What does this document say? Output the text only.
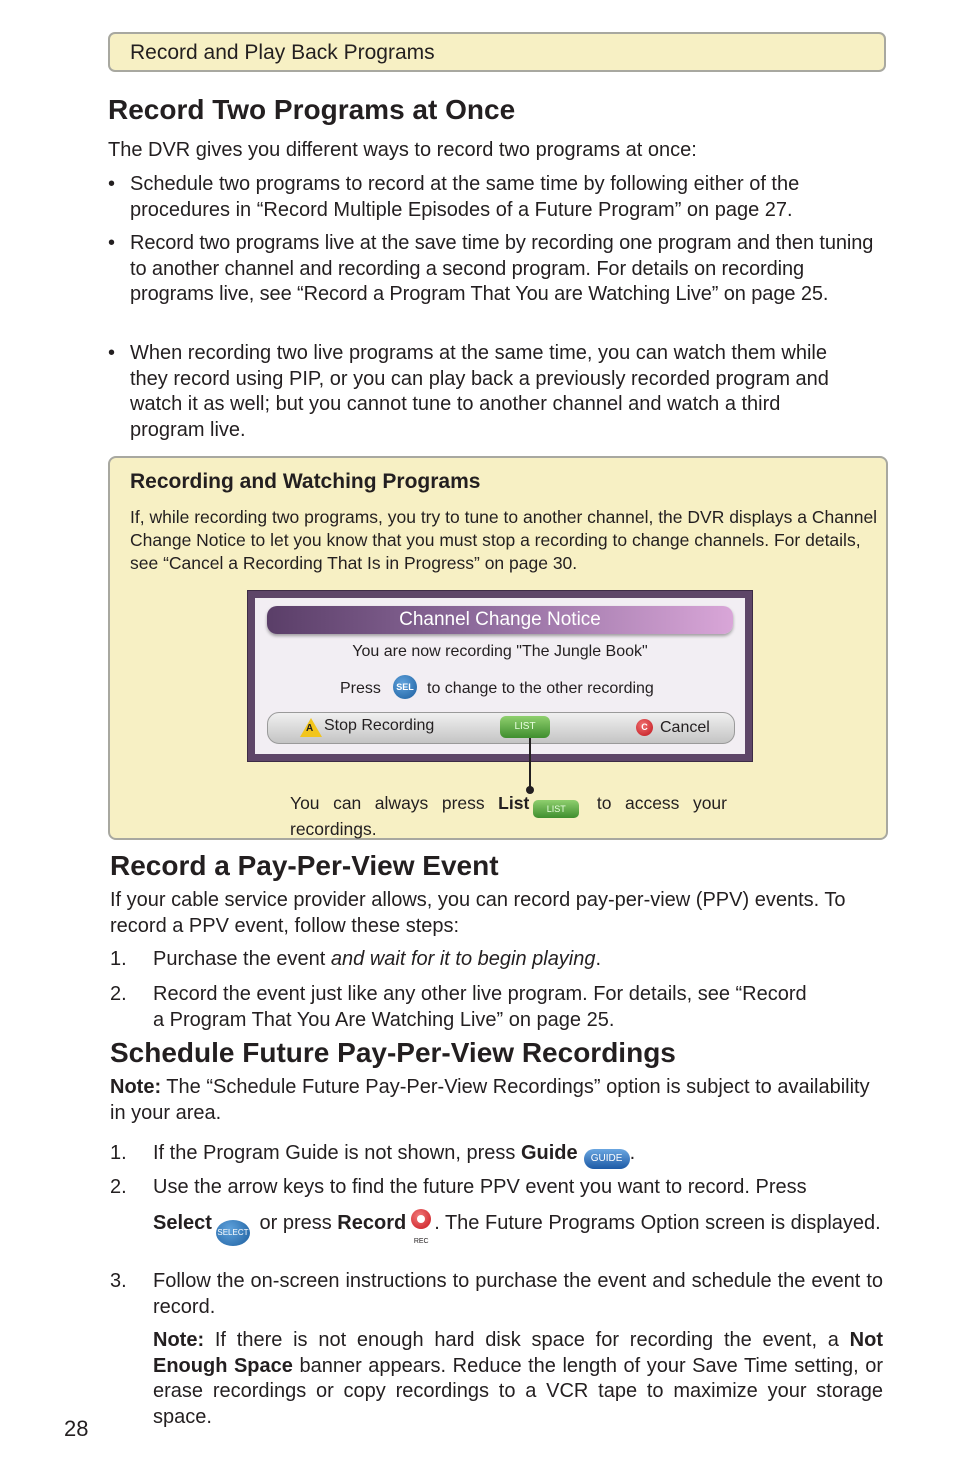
Record and Play Back Programs
Record Two Programs at Once

The DVR gives you different ways to record two programs at once:

• Schedule two programs to record at the same time by following either of the procedures in “Record Multiple Episodes of a Future Program” on page 27.
• Record two programs live at the save time by recording one program and then tuning to another channel and recording a second program. For details on recording programs live, see “Record a Program That You are Watching Live” on page 25.
• When recording two live programs at the same time, you can watch them while they record using PIP, or you can play back a previously recorded program and watch it as well; but you cannot tune to another channel and watch a third program live.
Recording and Watching Programs
If, while recording two programs, you try to tune to another channel, the DVR displays a Channel Change Notice to let you know that you must stop a recording to change channels. For details, see “Cancel a Recording That Is in Progress” on page 30.
Channel Change Notice
You are now recording "The Jungle Book"
Press	SEL to change to the other recording
A Stop Recording	LIST	C Cancel
You can always press List LIST to access your recordings.
Record a Pay-Per-View Event

If your cable service provider allows, you can record pay-per-view (PPV) events. To record a PPV event, follow these steps:

1. Purchase the event and wait for it to begin playing.
2. Record the event just like any other live program. For details, see “Record a Program That You Are Watching Live” on page 25.
Schedule Future Pay-Per-View Recordings

Note: The “Schedule Future Pay-Per-View Recordings” option is subject to availability in your area.

1. If the Program Guide is not shown, press Guide GUIDE .
2. Use the arrow keys to find the future PPV event you want to record. Press
Select SELECT or press Record
REC
. The Future Programs Option screen is displayed.
3. Follow the on-screen instructions to purchase the event and schedule the event to record.
Note: If there is not enough hard disk space for recording the event, a Not Enough Space banner appears. Reduce the length of your Save Time setting, or erase recordings or copy recordings to a VCR tape to maximize your storage space.
28
